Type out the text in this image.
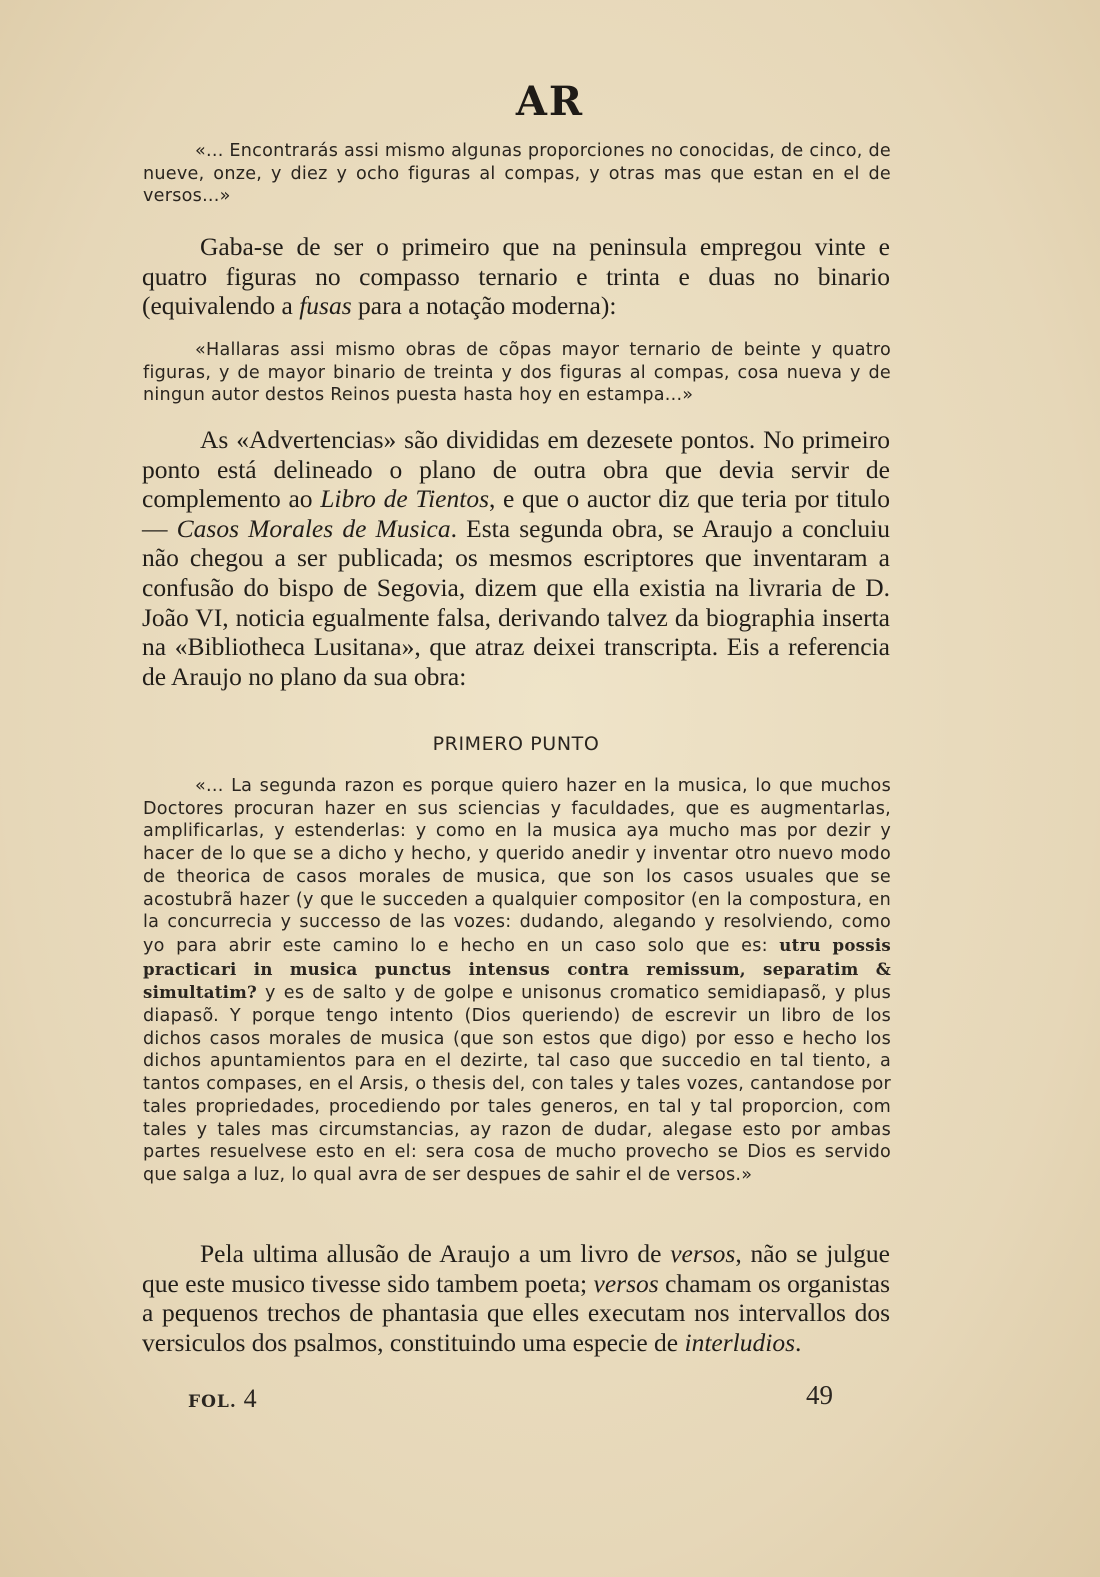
AR

«... Encontrarás assi mismo algunas proporciones no conocidas, de cinco, de nueve, onze, y diez y ocho figuras al compas, y otras mas que estan en el de versos...»

Gaba-se de ser o primeiro que na peninsula empregou vinte e quatro figuras no compasso ternario e trinta e duas no binario (equivalendo a fusas para a notação moderna):

«Hallaras assi mismo obras de cõpas mayor ternario de beinte y quatro figuras, y de mayor binario de treinta y dos figuras al compas, cosa nueva y de ningun autor destos Reinos puesta hasta hoy en estampa...»

As «Advertencias» são divididas em dezesete pontos. No primeiro ponto está delineado o plano de outra obra que devia servir de complemento ao Libro de Tientos, e que o auctor diz que teria por titulo — Casos Morales de Musica. Esta segunda obra, se Araujo a concluiu não chegou a ser publicada; os mesmos escriptores que inventaram a confusão do bispo de Segovia, dizem que ella existia na livraria de D. João VI, noticia egualmente falsa, derivando talvez da biographia inserta na «Bibliotheca Lusitana», que atraz deixei transcripta. Eis a referencia de Araujo no plano da sua obra:

PRIMERO PUNTO

«... La segunda razon es porque quiero hazer en la musica, lo que muchos Doctores procuran hazer en sus sciencias y faculdades, que es augmentarlas, amplificarlas, y estenderlas: y como en la musica aya mucho mas por dezir y hacer de lo que se a dicho y hecho, y querido anedir y inventar otro nuevo modo de theorica de casos morales de musica, que son los casos usuales que se acostubrã hazer (y que le succeden a qualquier compositor (en la compostura, en la concurrecia y successo de las vozes: dudando, alegando y resolviendo, como yo para abrir este camino lo e hecho en un caso solo que es: utru possis practicari in musica punctus intensus contra remissum, separatim & simultatim? y es de salto y de golpe e unisonus cromatico semidiapasõ, y plus diapasõ. Y porque tengo intento (Dios queriendo) de escrevir un libro de los dichos casos morales de musica (que son estos que digo) por esso e hecho los dichos apuntamientos para en el dezirte, tal caso que succedio en tal tiento, a tantos compases, en el Arsis, o thesis del, con tales y tales vozes, cantandose por tales propriedades, procediendo por tales generos, en tal y tal proporcion, com tales y tales mas circumstancias, ay razon de dudar, alegase esto por ambas partes resuelvese esto en el: sera cosa de mucho provecho se Dios es servido que salga a luz, lo qual avra de ser despues de sahir el de versos.»

Pela ultima allusão de Araujo a um livro de versos, não se julgue que este musico tivesse sido tambem poeta; versos chamam os organistas a pequenos trechos de phantasia que elles executam nos intervallos dos versiculos dos psalmos, constituindo uma especie de interludios.

FOL. 4	49
